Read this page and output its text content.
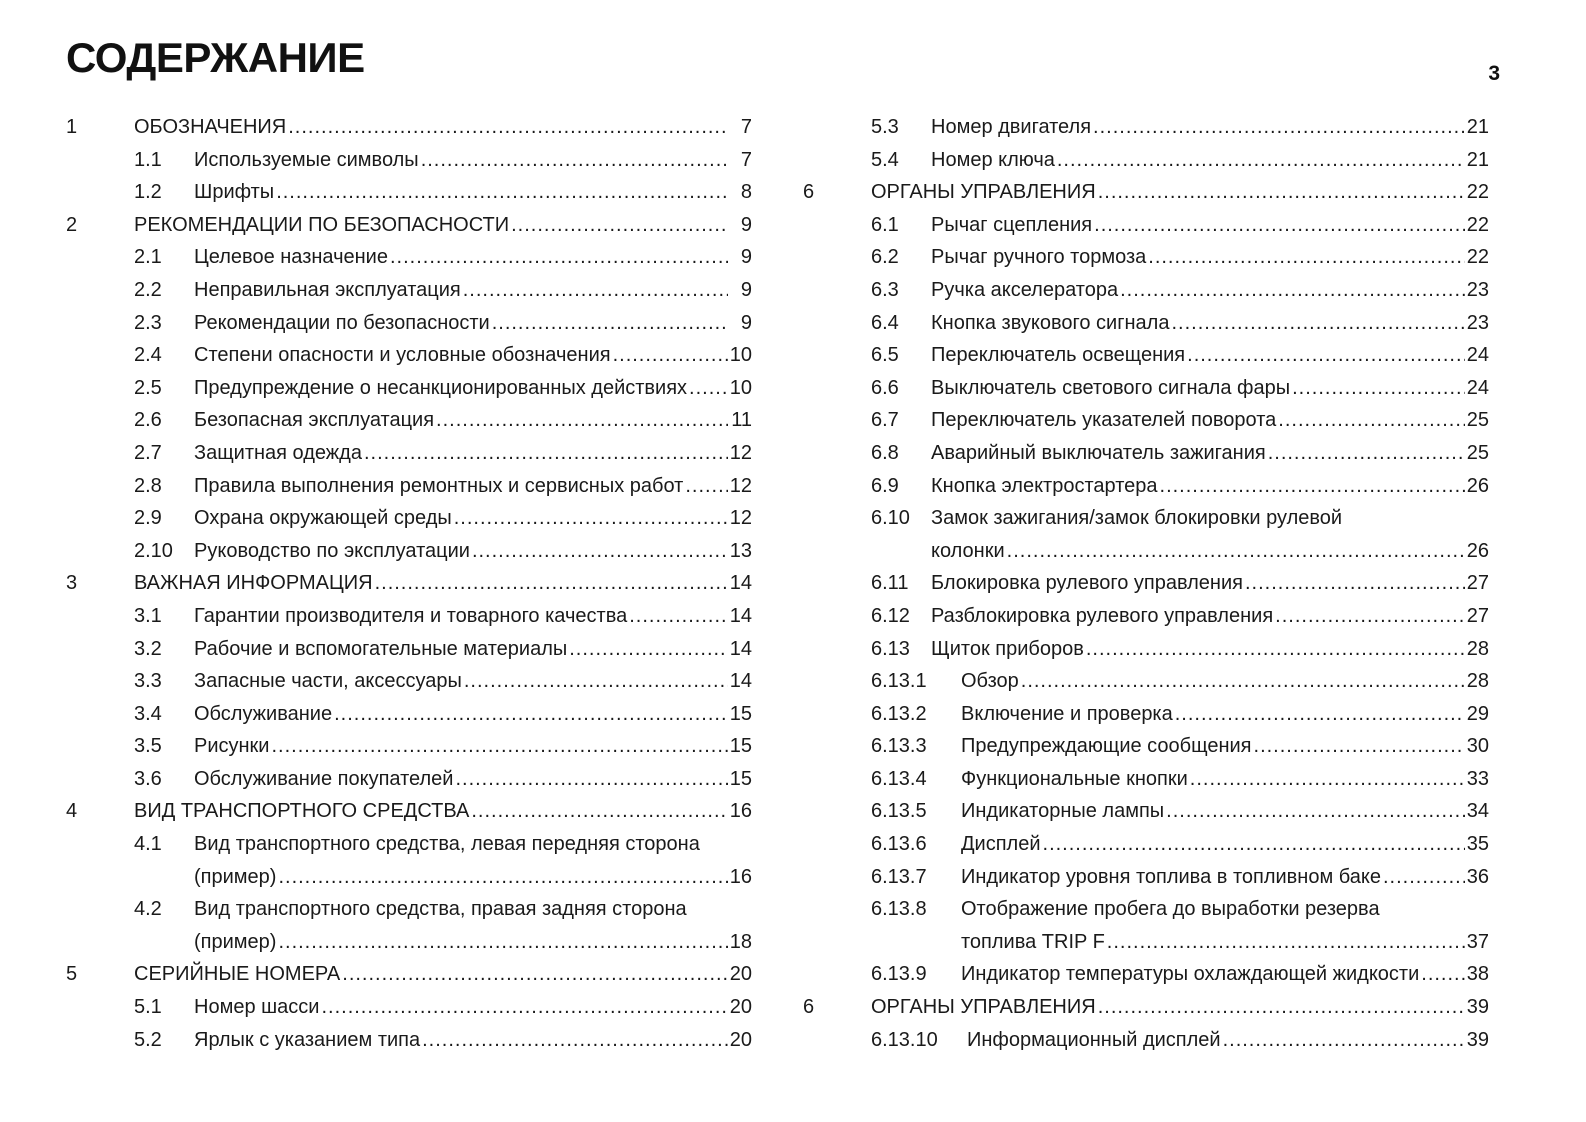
СОДЕРЖАНИЕ	3
1	ОБОЗНАЧЕНИЯ .....	7
1.1 Используемые символы .....	7
1.2 Шрифты .....	8
2	РЕКОМЕНДАЦИИ ПО БЕЗОПАСНОСТИ .....	9
2.1 Целевое назначение .....	9
2.2 Неправильная эксплуатация .....	9
2.3 Рекомендации по безопасности .....	9
2.4 Степени опасности и условные обозначения .....	10
2.5 Предупреждение о несанкционированных действиях ..... 10
2.6 Безопасная эксплуатация .....	11
2.7 Защитная одежда .....	12
2.8 Правила выполнения ремонтных и сервисных работ ..... 12
2.9 Охрана окружающей среды .....	12
2.10 Руководство по эксплуатации .....	13
3	ВАЖНАЯ ИНФОРМАЦИЯ .....	14
3.1 Гарантии производителя и товарного качества .....	14
3.2 Рабочие и вспомогательные материалы .....	14
3.3 Запасные части, аксессуары .....	14
3.4 Обслуживание .....	15
3.5 Рисунки .....	15
3.6 Обслуживание покупателей .....	15
4	ВИД ТРАНСПОРТНОГО СРЕДСТВА .....	16
4.1 Вид транспортного средства, левая передняя сторона
(пример) .....	16
4.2 Вид транспортного средства, правая задняя сторона
(пример) .....	18
5	СЕРИЙНЫЕ НОМЕРА .....	20
5.1 Номер шасси .....	20
5.2 Ярлык с указанием типа .....	20
5.3 Номер двигателя .....	21
5.4 Номер ключа .....	21
6	ОРГАНЫ УПРАВЛЕНИЯ .....	22
6.1 Рычаг сцепления .....	22
6.2 Рычаг ручного тормоза .....	22
6.3 Ручка акселератора .....	23
6.4 Кнопка звукового сигнала .....	23
6.5 Переключатель освещения .....	24
6.6 Выключатель светового сигнала фары .....	24
6.7 Переключатель указателей поворота .....	25
6.8 Аварийный выключатель зажигания .....	25
6.9 Кнопка электростартера .....	26
6.10 Замок зажигания/замок блокировки рулевой
колонки .....	26
6.11 Блокировка рулевого управления .....	27
6.12 Разблокировка рулевого управления .....	27
6.13 Щиток приборов .....	28
6.13.1 Обзор .....	28
6.13.2 Включение и проверка .....	29
6.13.3 Предупреждающие сообщения .....	30
6.13.4 Функциональные кнопки .....	33
6.13.5 Индикаторные лампы .....	34
6.13.6 Дисплей .....	35
6.13.7 Индикатор уровня топлива в топливном баке .....	36
6.13.8 Отображение пробега до выработки резерва
топлива TRIP F .....	37
6.13.9 Индикатор температуры охлаждающей жидкости ..... 38
6	ОРГАНЫ УПРАВЛЕНИЯ .....	39
6.13.10 Информационный дисплей .....	39
